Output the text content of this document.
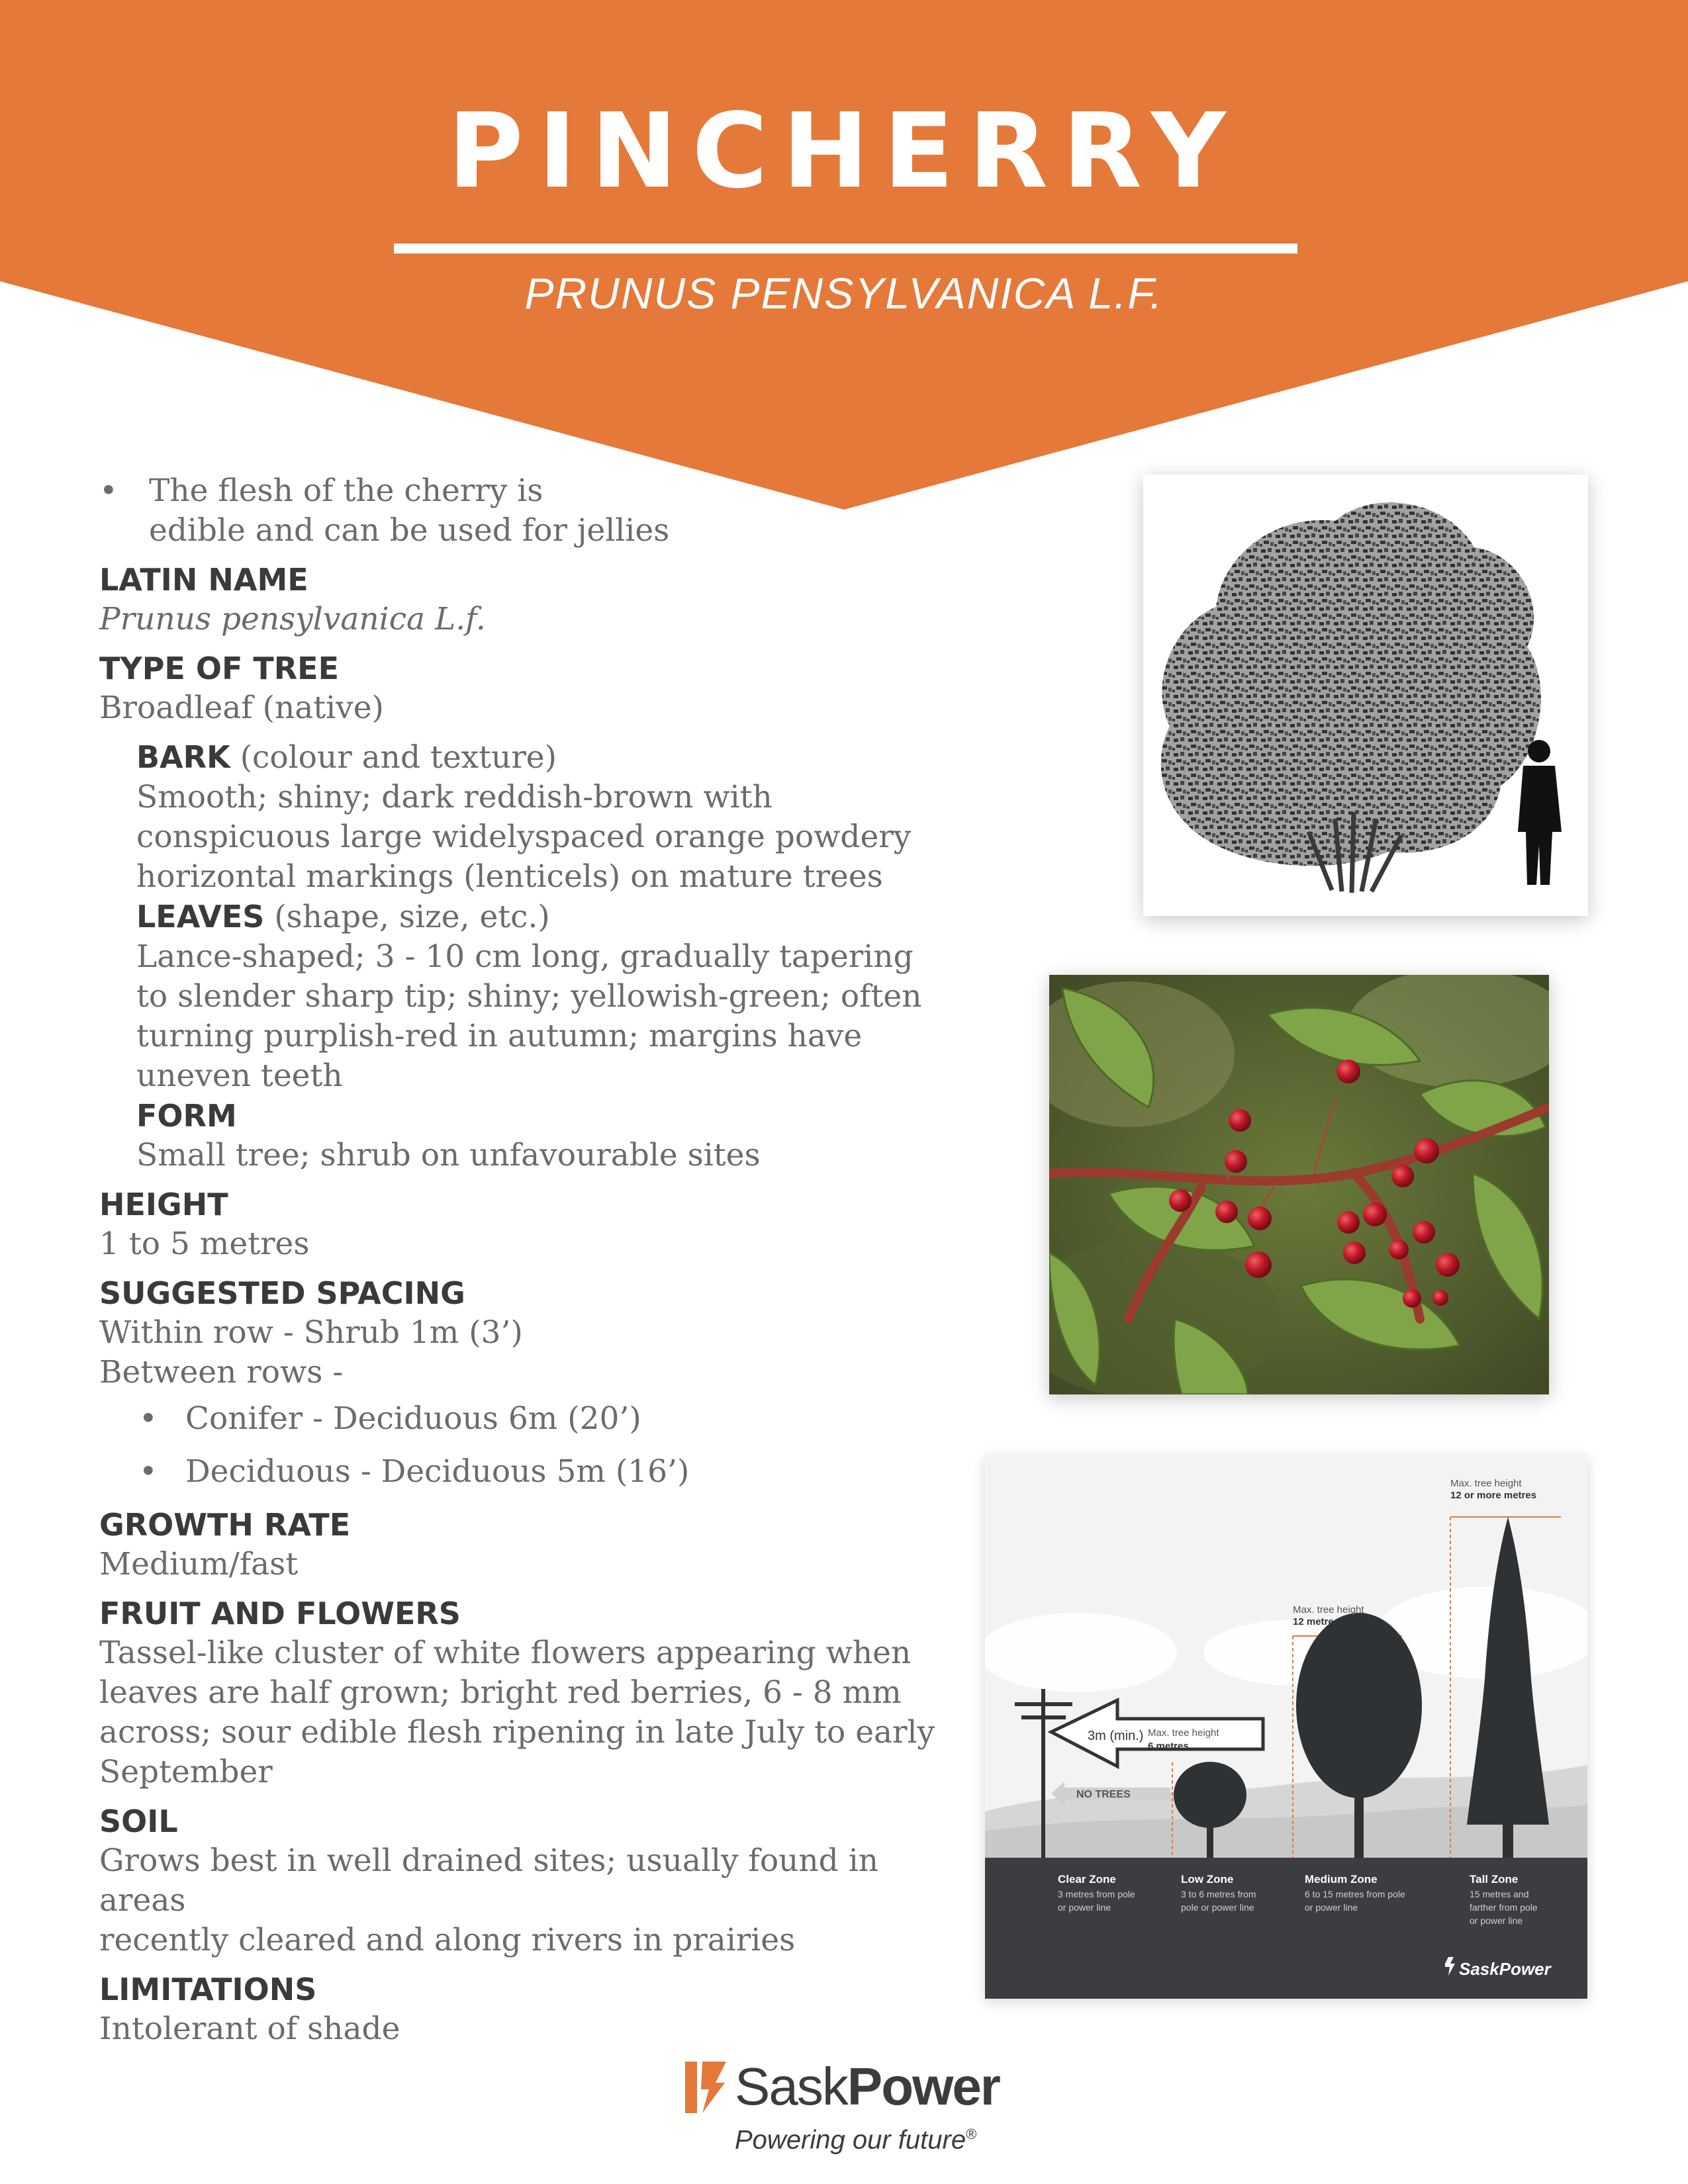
PINCHERRY

PRUNUS PENSYLVANICA L.F.

• The flesh of the cherry is
edible and can be used for jellies
LATIN NAME
Prunus pensylvanica L.f.
TYPE OF TREE
Broadleaf (native)
BARK (colour and texture)
Smooth; shiny; dark reddish-brown with
conspicuous large widelyspaced orange powdery
horizontal markings (lenticels) on mature trees
LEAVES (shape, size, etc.)
Lance-shaped; 3 - 10 cm long, gradually tapering
to slender sharp tip; shiny; yellowish-green; often
turning purplish-red in autumn; margins have
uneven teeth
FORM
Small tree; shrub on unfavourable sites
HEIGHT
1 to 5 metres
SUGGESTED SPACING
Within row - Shrub 1m (3’)
Between rows -
• Conifer - Deciduous 6m (20’)
• Deciduous - Deciduous 5m (16’)
GROWTH RATE
Medium/fast
FRUIT AND FLOWERS
Tassel-like cluster of white flowers appearing when
leaves are half grown; bright red berries, 6 - 8 mm
across; sour edible flesh ripening in late July to early
September
SOIL
Grows best in well drained sites; usually found in areas
recently cleared and along rivers in prairies
LIMITATIONS
Intolerant of shade
3m (min.) Max. tree height
6 metres
NO TREES
Max. tree height
12 metres
Max. tree height
12 or more metres
Clear Zone
3 metres from pole
or power line
Low Zone
3 to 6 metres from
pole or power line
Medium Zone
6 to 15 metres from pole
or power line
Tall Zone
15 metres and
farther from pole
or power line
SaskPower

SaskPower

Powering our future®
